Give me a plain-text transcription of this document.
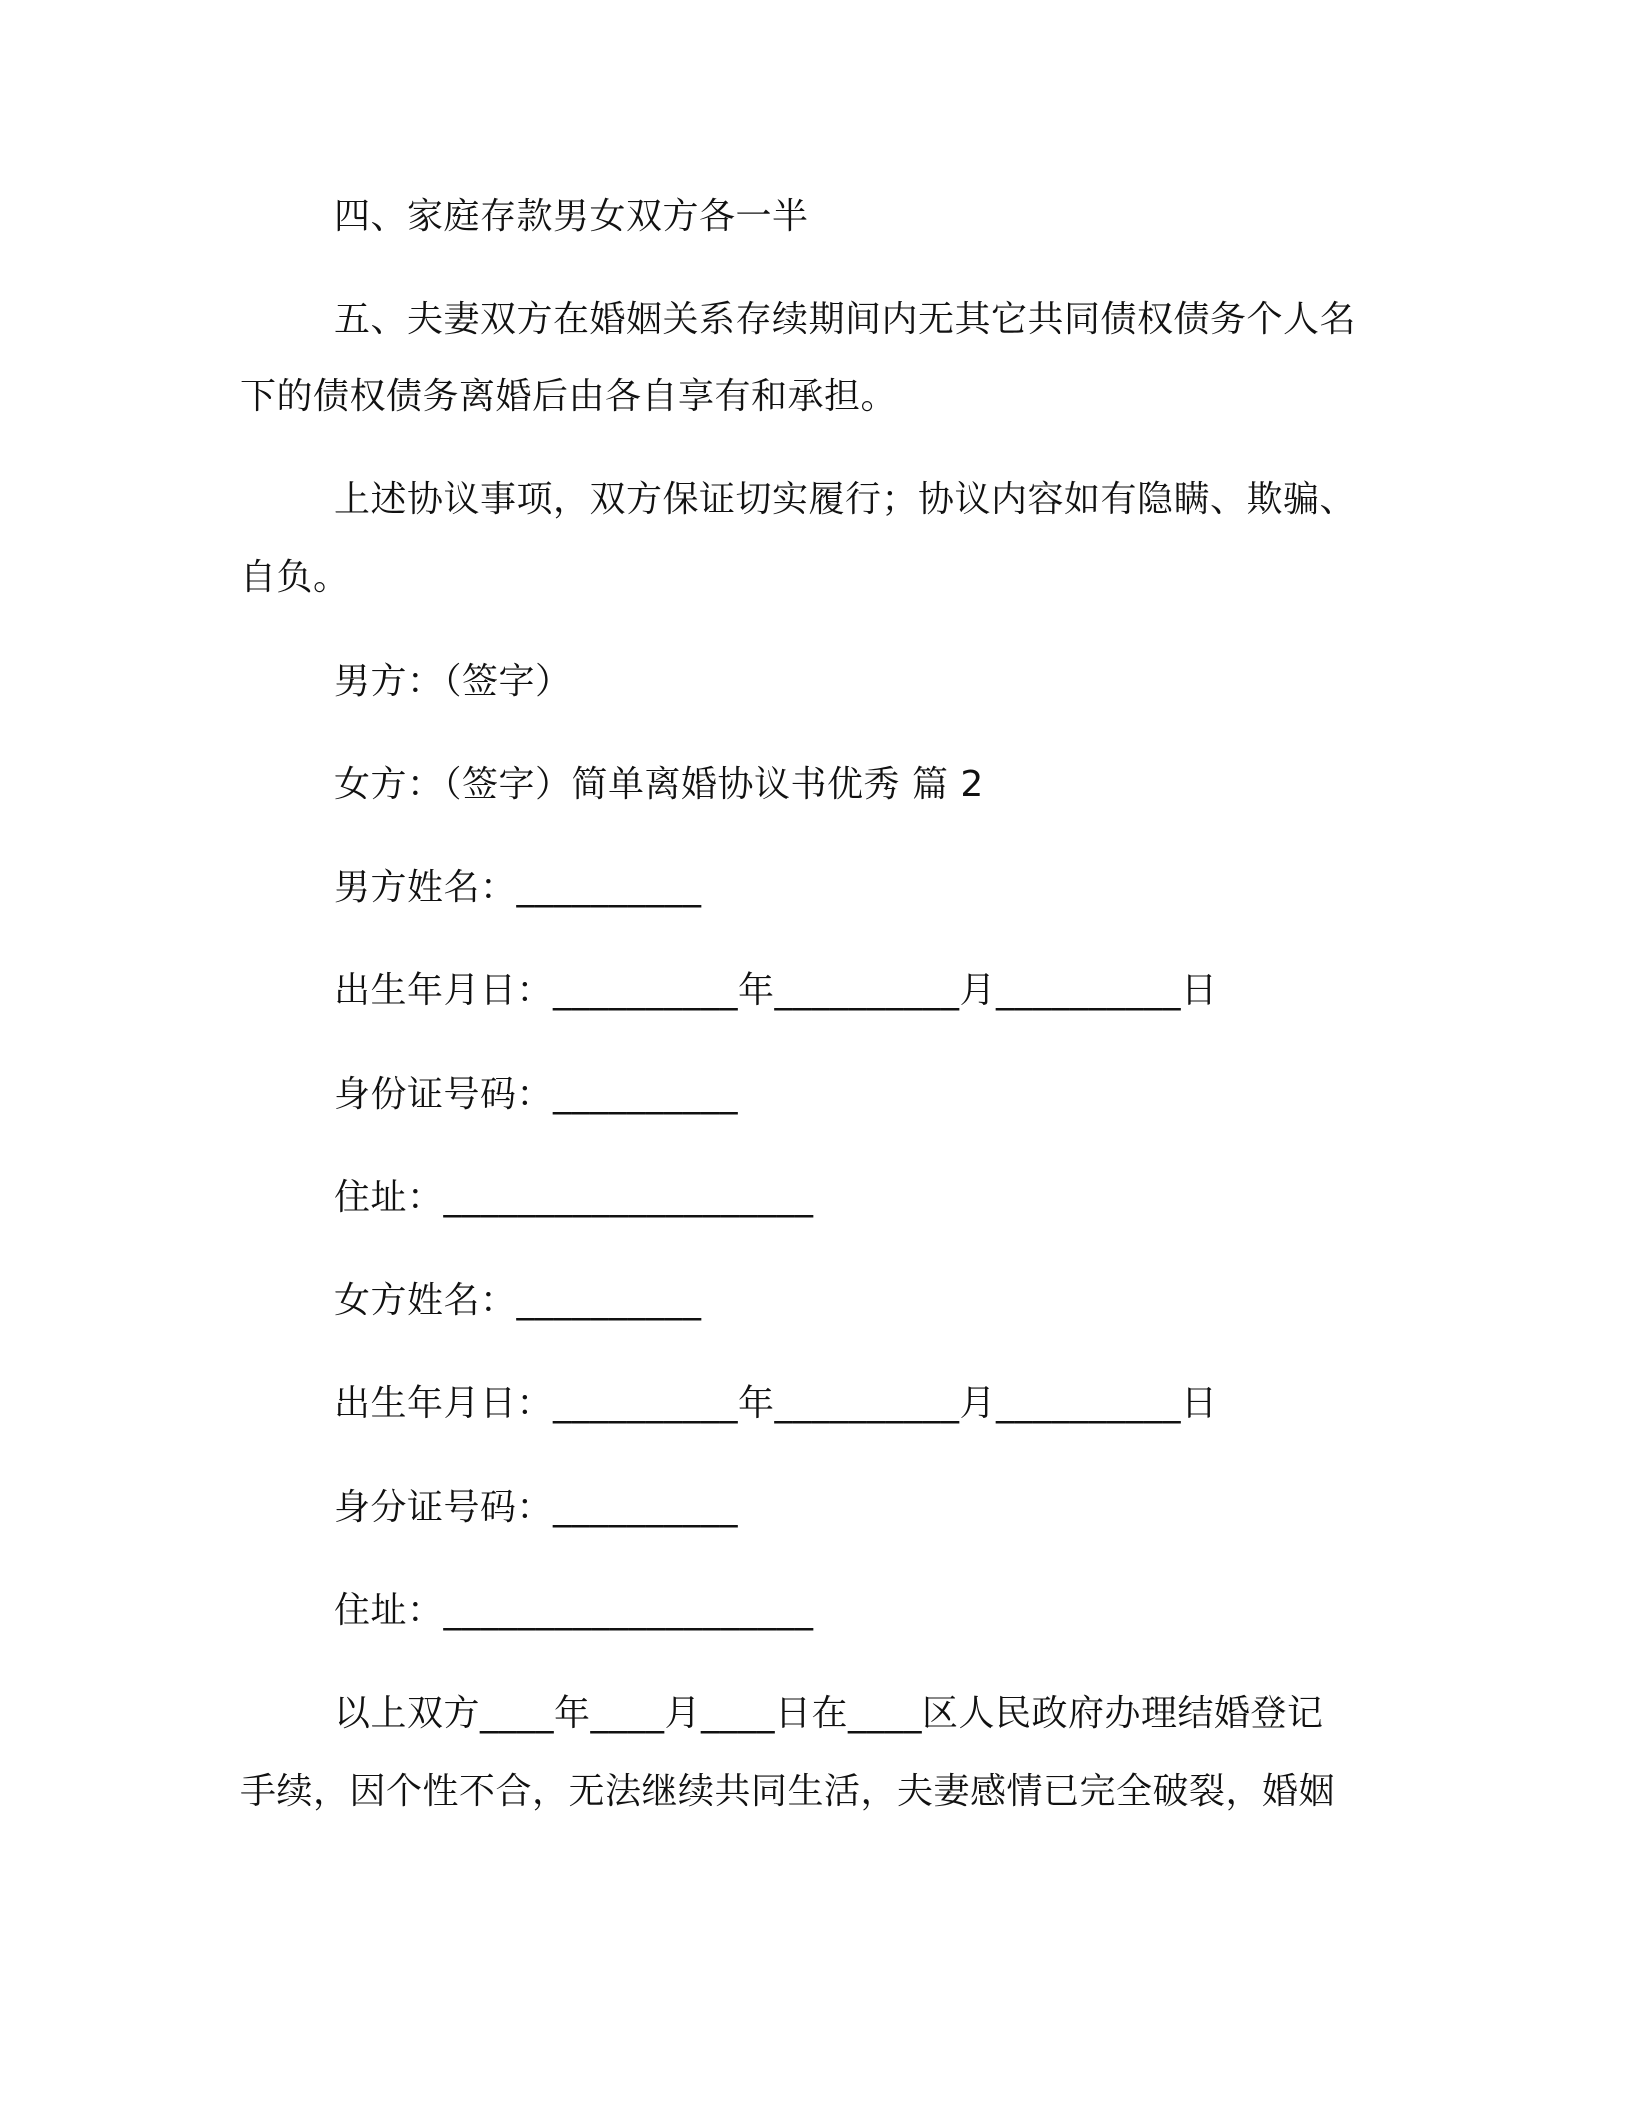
四、家庭存款男女双方各一半
五、夫妻双方在婚姻关系存续期间内无其它共同债权债务个人名
下的债权债务离婚后由各自享有和承担。
上述协议事项，双方保证切实履行；协议内容如有隐瞒、欺骗、
自负。
男方：（签字）
女方：（签字）简单离婚协议书优秀 篇 2
男方姓名：__________
出生年月日：__________年__________月__________日
身份证号码：__________
住址：____________________
女方姓名：__________
出生年月日：__________年__________月__________日
身分证号码：__________
住址：____________________
以上双方____年____月____日在____区人民政府办理结婚登记
手续，因个性不合，无法继续共同生活，夫妻感情已完全破裂，婚姻
